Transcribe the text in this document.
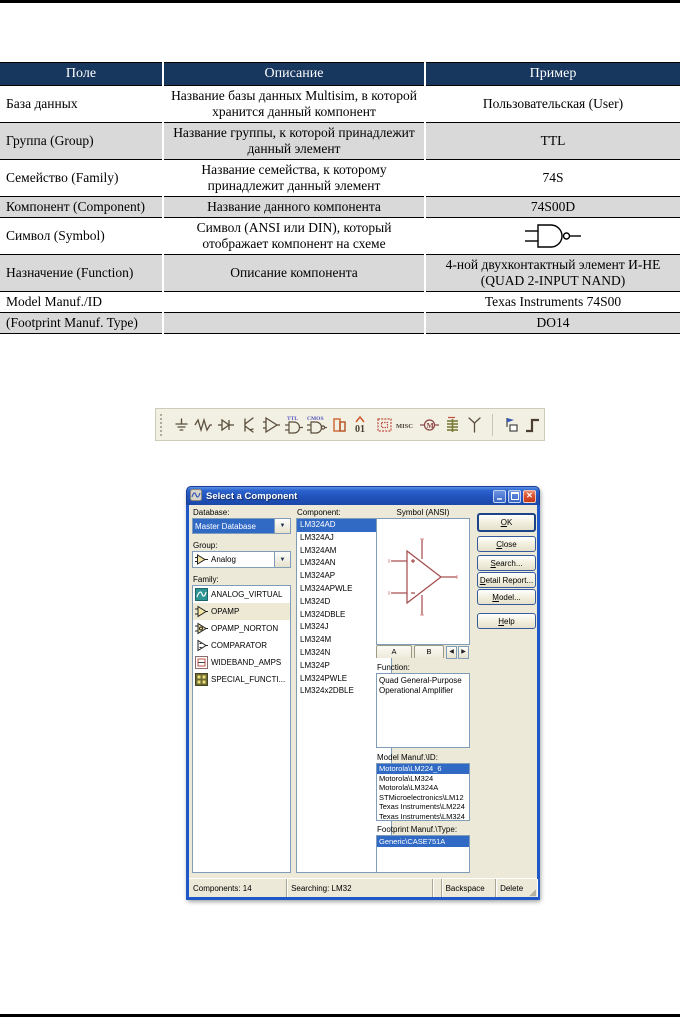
Поле	Описание	Пример
База данных	Название базы данных Multisim, в которой хранится данный компонент	Пользовательская (User)
Группа (Group)	Название группы, к которой принадлежит данный элемент	TTL
Семейство (Family)	Название семейства, к которому принадлежит данный элемент	74S
Компонент (Component)	Название данного компонента	74S00D
Символ (Symbol)	Символ (ANSI или DIN), который отображает компонент на схеме	

Назначение (Function)	Описание компонента	4-ной двухконтактный элемент И-НЕ (QUAD 2-INPUT NAND)
Model Manuf./ID		Texas Instruments 74S00
(Footprint Manuf. Type)		DO14
TTL CMOS
01	MISC M
Select a Component
✕
Database:
Master Database	▼
Group:
Analog	▼
Family:
ANALOG_VIRTUAL
OPAMP
OPAMP_NORTON
COMPARATOR
WIDEBAND_AMPS
SPECIAL_FUNCTI...
Component:
LM324AD
LM324AJ
LM324AM
LM324AN
LM324AP
LM324APWLE
LM324D
LM324DBLE
LM324J
LM324M
LM324N
LM324P
LM324PWLE
LM324x2DBLE
Symbol (ANSI)
A	B	◀	▶
Function:
Quad General-Purpose Operational Amplifier
Model Manuf.\ID:
Motorola\LM224_6
Motorola\LM324
Motorola\LM324A
STMicroelectronics\LM12
Texas Instruments\LM224
Texas Instruments\LM324
Footprint Manuf.\Type:
Generic\CASE751A
OK
Close
Search...
Detail Report...
Model...
Help
Components: 14	Searching: LM32	Backspace	Delete ◢
